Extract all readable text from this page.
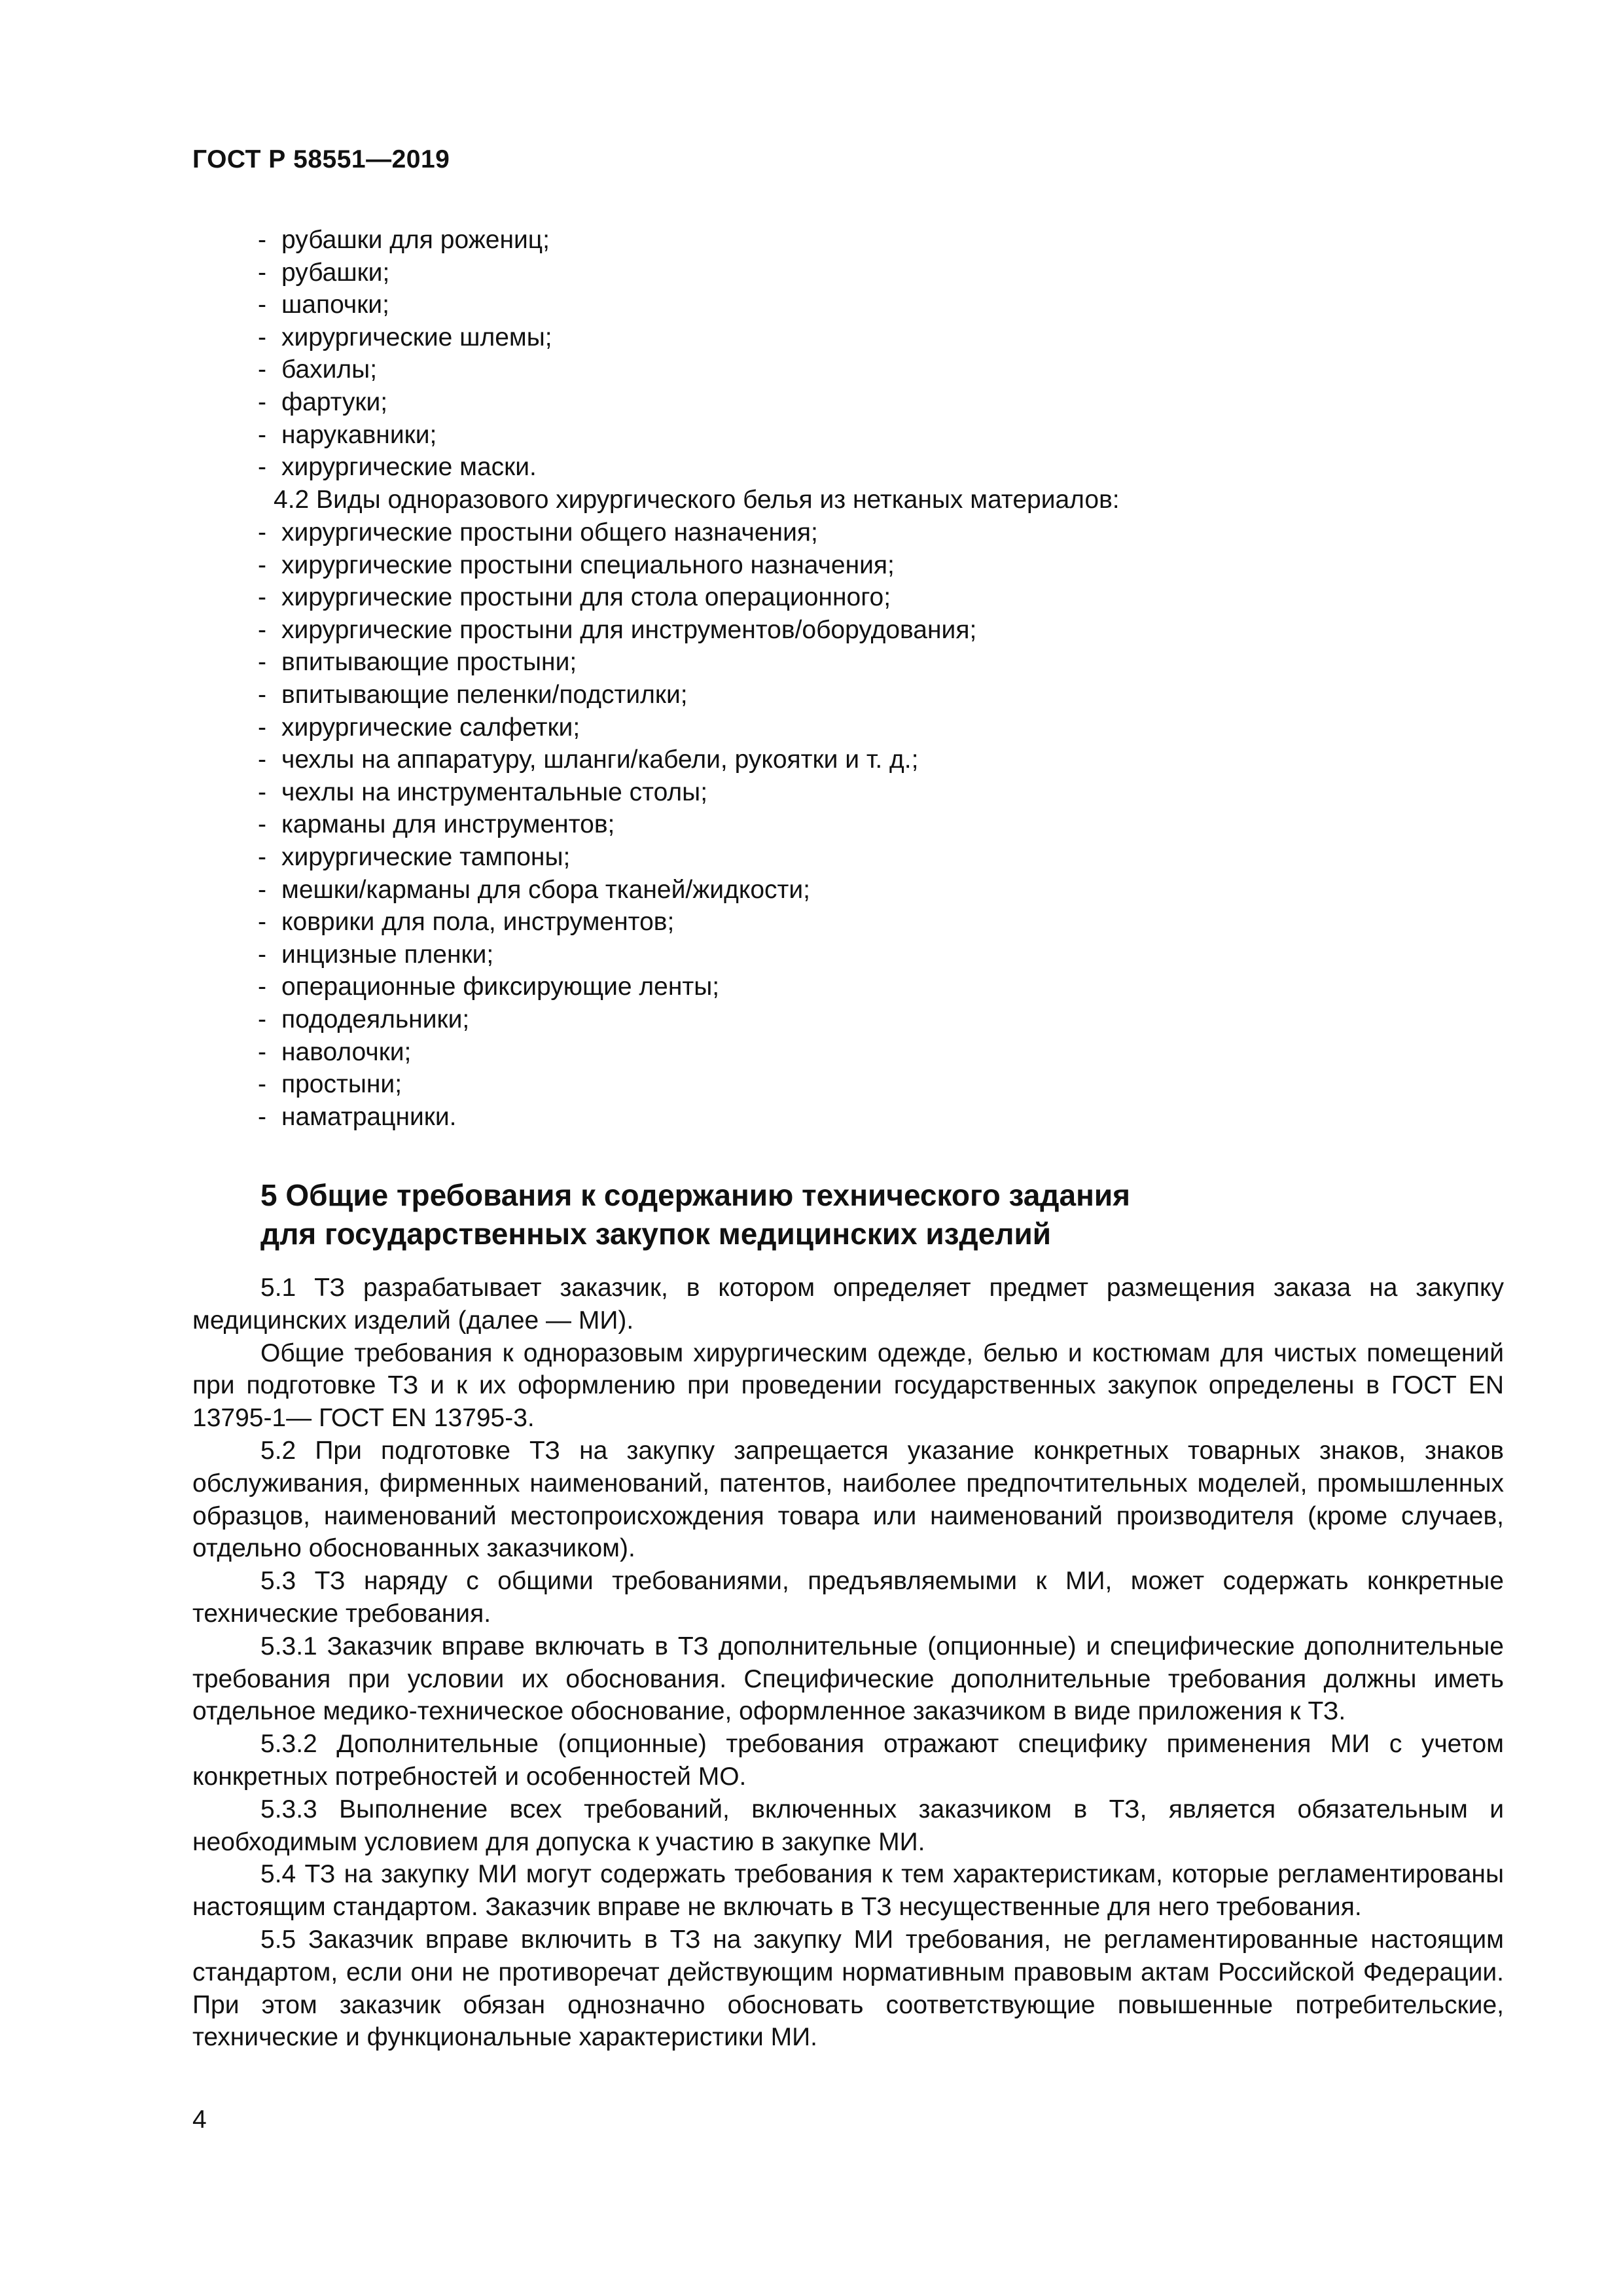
ГОСТ Р 58551—2019
- рубашки для рожениц;
- рубашки;
- шапочки;
- хирургические шлемы;
- бахилы;
- фартуки;
- нарукавники;
- хирургические маски.

4.2 Виды одноразового хирургического белья из нетканых материалов:

- хирургические простыни общего назначения;
- хирургические простыни специального назначения;
- хирургические простыни для стола операционного;
- хирургические простыни для инструментов/оборудования;
- впитывающие простыни;
- впитывающие пеленки/подстилки;
- хирургические салфетки;
- чехлы на аппаратуру, шланги/кабели, рукоятки и т. д.;
- чехлы на инструментальные столы;
- карманы для инструментов;
- хирургические тампоны;
- мешки/карманы для сбора тканей/жидкости;
- коврики для пола, инструментов;
- инцизные пленки;
- операционные фиксирующие ленты;
- пододеяльники;
- наволочки;
- простыни;
- наматрацники.
5 Общие требования к содержанию технического задания
для государственных закупок медицинских изделий

5.1 ТЗ разрабатывает заказчик, в котором определяет предмет размещения заказа на закупку медицинских изделий (далее — МИ).

Общие требования к одноразовым хирургическим одежде, белью и костюмам для чистых помещений при подготовке ТЗ и к их оформлению при проведении государственных закупок определены в ГОСТ EN 13795-1— ГОСТ EN 13795-3.

5.2 При подготовке ТЗ на закупку запрещается указание конкретных товарных знаков, знаков обслуживания, фирменных наименований, патентов, наиболее предпочтительных моделей, промышленных образцов, наименований местопроисхождения товара или наименований производителя (кроме случаев, отдельно обоснованных заказчиком).

5.3 ТЗ наряду с общими требованиями, предъявляемыми к МИ, может содержать конкретные технические требования.

5.3.1 Заказчик вправе включать в ТЗ дополнительные (опционные) и специфические дополнительные требования при условии их обоснования. Специфические дополнительные требования должны иметь отдельное медико-техническое обоснование, оформленное заказчиком в виде приложения к ТЗ.

5.3.2 Дополнительные (опционные) требования отражают специфику применения МИ с учетом конкретных потребностей и особенностей МО.

5.3.3 Выполнение всех требований, включенных заказчиком в ТЗ, является обязательным и необходимым условием для допуска к участию в закупке МИ.

5.4 ТЗ на закупку МИ могут содержать требования к тем характеристикам, которые регламентированы настоящим стандартом. Заказчик вправе не включать в ТЗ несущественные для него требования.

5.5 Заказчик вправе включить в ТЗ на закупку МИ требования, не регламентированные настоящим стандартом, если они не противоречат действующим нормативным правовым актам Российской Федерации. При этом заказчик обязан однозначно обосновать соответствующие повышенные потребительские, технические и функциональные характеристики МИ.

4
